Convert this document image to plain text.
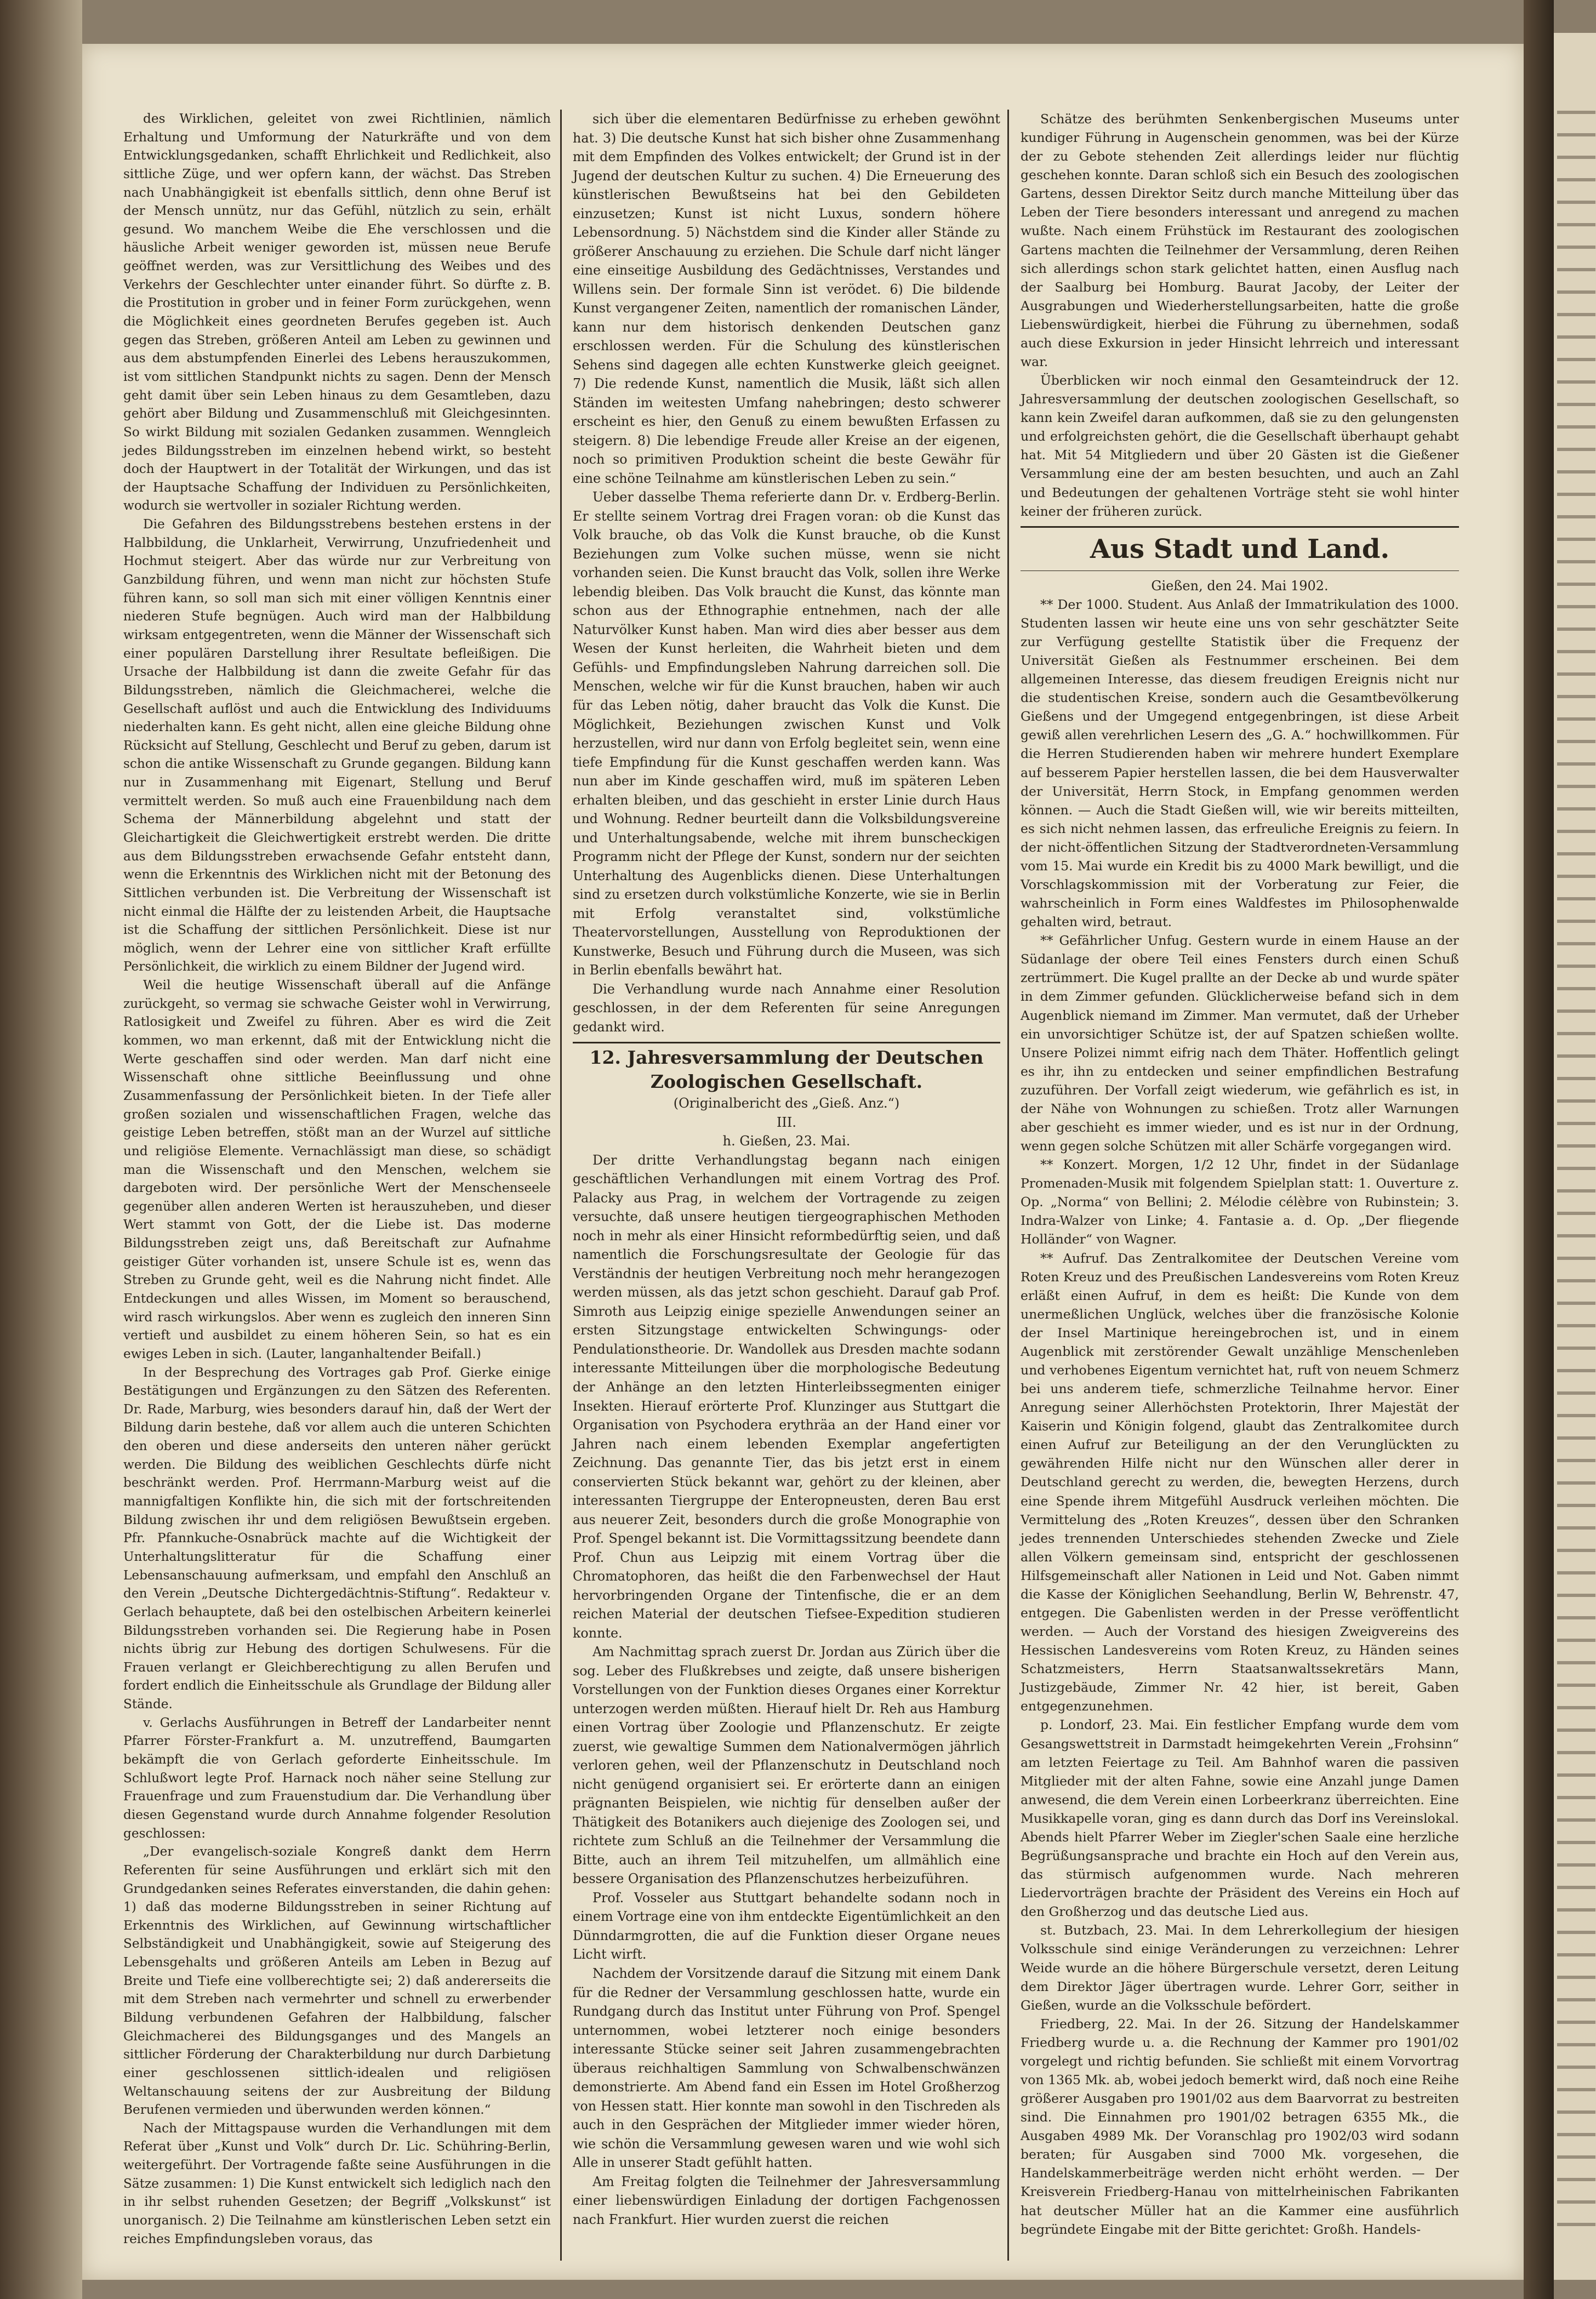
des Wirklichen, geleitet von zwei Richtlinien, nämlich Erhaltung und Umformung der Naturkräfte und von dem Entwicklungsgedanken, schafft Ehrlichkeit und Redlichkeit, also sittliche Züge, und wer opfern kann, der wächst. Das Streben nach Unabhängigkeit ist ebenfalls sittlich, denn ohne Beruf ist der Mensch unnütz, nur das Gefühl, nützlich zu sein, erhält gesund. Wo manchem Weibe die Ehe verschlossen und die häusliche Arbeit weniger geworden ist, müssen neue Berufe geöffnet werden, was zur Versittlichung des Weibes und des Verkehrs der Geschlechter unter einander führt. So dürfte z. B. die Prostitution in grober und in feiner Form zurückgehen, wenn die Möglichkeit eines geordneten Berufes gegeben ist. Auch gegen das Streben, größeren Anteil am Leben zu gewinnen und aus dem abstumpfenden Einerlei des Lebens herauszukommen, ist vom sittlichen Standpunkt nichts zu sagen. Denn der Mensch geht damit über sein Leben hinaus zu dem Gesamtleben, dazu gehört aber Bildung und Zusammenschluß mit Gleichgesinnten. So wirkt Bildung mit sozialen Gedanken zusammen. Wenngleich jedes Bildungsstreben im einzelnen hebend wirkt, so besteht doch der Hauptwert in der Totalität der Wirkungen, und das ist der Hauptsache Schaffung der Individuen zu Persönlichkeiten, wodurch sie wertvoller in sozialer Richtung werden.

Die Gefahren des Bildungsstrebens bestehen erstens in der Halbbildung, die Unklarheit, Verwirrung, Unzufriedenheit und Hochmut steigert. Aber das würde nur zur Verbreitung von Ganzbildung führen, und wenn man nicht zur höchsten Stufe führen kann, so soll man sich mit einer völligen Kenntnis einer niederen Stufe begnügen. Auch wird man der Halbbildung wirksam entgegentreten, wenn die Männer der Wissenschaft sich einer populären Darstellung ihrer Resultate befleißigen. Die Ursache der Halbbildung ist dann die zweite Gefahr für das Bildungsstreben, nämlich die Gleichmacherei, welche die Gesellschaft auflöst und auch die Entwicklung des Individuums niederhalten kann. Es geht nicht, allen eine gleiche Bildung ohne Rücksicht auf Stellung, Geschlecht und Beruf zu geben, darum ist schon die antike Wissenschaft zu Grunde gegangen. Bildung kann nur in Zusammenhang mit Eigenart, Stellung und Beruf vermittelt werden. So muß auch eine Frauenbildung nach dem Schema der Männerbildung abgelehnt und statt der Gleichartigkeit die Gleichwertigkeit erstrebt werden. Die dritte aus dem Bildungsstreben erwachsende Gefahr entsteht dann, wenn die Erkenntnis des Wirklichen nicht mit der Betonung des Sittlichen verbunden ist. Die Verbreitung der Wissenschaft ist nicht einmal die Hälfte der zu leistenden Arbeit, die Hauptsache ist die Schaffung der sittlichen Persönlichkeit. Diese ist nur möglich, wenn der Lehrer eine von sittlicher Kraft erfüllte Persönlichkeit, die wirklich zu einem Bildner der Jugend wird.

Weil die heutige Wissenschaft überall auf die Anfänge zurückgeht, so vermag sie schwache Geister wohl in Verwirrung, Ratlosigkeit und Zweifel zu führen. Aber es wird die Zeit kommen, wo man erkennt, daß mit der Entwicklung nicht die Werte geschaffen sind oder werden. Man darf nicht eine Wissenschaft ohne sittliche Beeinflussung und ohne Zusammenfassung der Persönlichkeit bieten. In der Tiefe aller großen sozialen und wissenschaftlichen Fragen, welche das geistige Leben betreffen, stößt man an der Wurzel auf sittliche und religiöse Elemente. Vernachlässigt man diese, so schädigt man die Wissenschaft und den Menschen, welchem sie dargeboten wird. Der persönliche Wert der Menschenseele gegenüber allen anderen Werten ist herauszuheben, und dieser Wert stammt von Gott, der die Liebe ist. Das moderne Bildungsstreben zeigt uns, daß Bereitschaft zur Aufnahme geistiger Güter vorhanden ist, unsere Schule ist es, wenn das Streben zu Grunde geht, weil es die Nahrung nicht findet. Alle Entdeckungen und alles Wissen, im Moment so berauschend, wird rasch wirkungslos. Aber wenn es zugleich den inneren Sinn vertieft und ausbildet zu einem höheren Sein, so hat es ein ewiges Leben in sich. (Lauter, langanhaltender Beifall.)

In der Besprechung des Vortrages gab Prof. Gierke einige Bestätigungen und Ergänzungen zu den Sätzen des Referenten. Dr. Rade, Marburg, wies besonders darauf hin, daß der Wert der Bildung darin bestehe, daß vor allem auch die unteren Schichten den oberen und diese anderseits den unteren näher gerückt werden. Die Bildung des weiblichen Geschlechts dürfe nicht beschränkt werden. Prof. Herrmann-Marburg weist auf die mannigfaltigen Konflikte hin, die sich mit der fortschreitenden Bildung zwischen ihr und dem religiösen Bewußtsein ergeben. Pfr. Pfannkuche-Osnabrück machte auf die Wichtigkeit der Unterhaltungslitteratur für die Schaffung einer Lebensanschauung aufmerksam, und empfahl den Anschluß an den Verein „Deutsche Dichtergedächtnis-Stiftung“. Redakteur v. Gerlach behauptete, daß bei den ostelbischen Arbeitern keinerlei Bildungsstreben vorhanden sei. Die Regierung habe in Posen nichts übrig zur Hebung des dortigen Schulwesens. Für die Frauen verlangt er Gleichberechtigung zu allen Berufen und fordert endlich die Einheitsschule als Grundlage der Bildung aller Stände.

v. Gerlachs Ausführungen in Betreff der Landarbeiter nennt Pfarrer Förster-Frankfurt a. M. unzutreffend, Baumgarten bekämpft die von Gerlach geforderte Einheitsschule. Im Schlußwort legte Prof. Harnack noch näher seine Stellung zur Frauenfrage und zum Frauenstudium dar. Die Verhandlung über diesen Gegenstand wurde durch Annahme folgender Resolution geschlossen:

„Der evangelisch-soziale Kongreß dankt dem Herrn Referenten für seine Ausführungen und erklärt sich mit den Grundgedanken seines Referates einverstanden, die dahin gehen: 1) daß das moderne Bildungsstreben in seiner Richtung auf Erkenntnis des Wirklichen, auf Gewinnung wirtschaftlicher Selbständigkeit und Unabhängigkeit, sowie auf Steigerung des Lebensgehalts und größeren Anteils am Leben in Bezug auf Breite und Tiefe eine vollberechtigte sei; 2) daß andererseits die mit dem Streben nach vermehrter und schnell zu erwerbender Bildung verbundenen Gefahren der Halbbildung, falscher Gleichmacherei des Bildungsganges und des Mangels an sittlicher Förderung der Charakterbildung nur durch Darbietung einer geschlossenen sittlich-idealen und religiösen Weltanschauung seitens der zur Ausbreitung der Bildung Berufenen vermieden und überwunden werden können.“

Nach der Mittagspause wurden die Verhandlungen mit dem Referat über „Kunst und Volk“ durch Dr. Lic. Schühring-Berlin, weitergeführt. Der Vortragende faßte seine Ausführungen in die Sätze zusammen: 1) Die Kunst entwickelt sich lediglich nach den in ihr selbst ruhenden Gesetzen; der Begriff „Volkskunst“ ist unorganisch. 2) Die Teilnahme am künstlerischen Leben setzt ein reiches Empfindungsleben voraus, das

sich über die elementaren Bedürfnisse zu erheben gewöhnt hat. 3) Die deutsche Kunst hat sich bisher ohne Zusammenhang mit dem Empfinden des Volkes entwickelt; der Grund ist in der Jugend der deutschen Kultur zu suchen. 4) Die Erneuerung des künstlerischen Bewußtseins hat bei den Gebildeten einzusetzen; Kunst ist nicht Luxus, sondern höhere Lebensordnung. 5) Nächstdem sind die Kinder aller Stände zu größerer Anschauung zu erziehen. Die Schule darf nicht länger eine einseitige Ausbildung des Gedächtnisses, Verstandes und Willens sein. Der formale Sinn ist verödet. 6) Die bildende Kunst vergangener Zeiten, namentlich der romanischen Länder, kann nur dem historisch denkenden Deutschen ganz erschlossen werden. Für die Schulung des künstlerischen Sehens sind dagegen alle echten Kunstwerke gleich geeignet. 7) Die redende Kunst, namentlich die Musik, läßt sich allen Ständen im weitesten Umfang nahebringen; desto schwerer erscheint es hier, den Genuß zu einem bewußten Erfassen zu steigern. 8) Die lebendige Freude aller Kreise an der eigenen, noch so primitiven Produktion scheint die beste Gewähr für eine schöne Teilnahme am künstlerischen Leben zu sein.“

Ueber dasselbe Thema referierte dann Dr. v. Erdberg-Berlin. Er stellte seinem Vortrag drei Fragen voran: ob die Kunst das Volk brauche, ob das Volk die Kunst brauche, ob die Kunst Beziehungen zum Volke suchen müsse, wenn sie nicht vorhanden seien. Die Kunst braucht das Volk, sollen ihre Werke lebendig bleiben. Das Volk braucht die Kunst, das könnte man schon aus der Ethnographie entnehmen, nach der alle Naturvölker Kunst haben. Man wird dies aber besser aus dem Wesen der Kunst herleiten, die Wahrheit bieten und dem Gefühls- und Empfindungsleben Nahrung darreichen soll. Die Menschen, welche wir für die Kunst brauchen, haben wir auch für das Leben nötig, daher braucht das Volk die Kunst. Die Möglichkeit, Beziehungen zwischen Kunst und Volk herzustellen, wird nur dann von Erfolg begleitet sein, wenn eine tiefe Empfindung für die Kunst geschaffen werden kann. Was nun aber im Kinde geschaffen wird, muß im späteren Leben erhalten bleiben, und das geschieht in erster Linie durch Haus und Wohnung. Redner beurteilt dann die Volksbildungsvereine und Unterhaltungsabende, welche mit ihrem bunscheckigen Programm nicht der Pflege der Kunst, sondern nur der seichten Unterhaltung des Augenblicks dienen. Diese Unterhaltungen sind zu ersetzen durch volkstümliche Konzerte, wie sie in Berlin mit Erfolg veranstaltet sind, volkstümliche Theatervorstellungen, Ausstellung von Reproduktionen der Kunstwerke, Besuch und Führung durch die Museen, was sich in Berlin ebenfalls bewährt hat.

Die Verhandlung wurde nach Annahme einer Resolution geschlossen, in der dem Referenten für seine Anregungen gedankt wird.

12. Jahresversammlung der Deutschen Zoologischen Gesellschaft.

(Originalbericht des „Gieß. Anz.“)

III.

h. Gießen, 23. Mai.

Der dritte Verhandlungstag begann nach einigen geschäftlichen Verhandlungen mit einem Vortrag des Prof. Palacky aus Prag, in welchem der Vortragende zu zeigen versuchte, daß unsere heutigen tiergeographischen Methoden noch in mehr als einer Hinsicht reformbedürftig seien, und daß namentlich die Forschungsresultate der Geologie für das Verständnis der heutigen Verbreitung noch mehr herangezogen werden müssen, als das jetzt schon geschieht. Darauf gab Prof. Simroth aus Leipzig einige spezielle Anwendungen seiner an ersten Sitzungstage entwickelten Schwingungs- oder Pendulationstheorie. Dr. Wandollek aus Dresden machte sodann interessante Mitteilungen über die morphologische Bedeutung der Anhänge an den letzten Hinterleibssegmenten einiger Insekten. Hierauf erörterte Prof. Klunzinger aus Stuttgart die Organisation von Psychodera erythräa an der Hand einer vor Jahren nach einem lebenden Exemplar angefertigten Zeichnung. Das genannte Tier, das bis jetzt erst in einem conservierten Stück bekannt war, gehört zu der kleinen, aber interessanten Tiergruppe der Enteropneusten, deren Bau erst aus neuerer Zeit, besonders durch die große Monographie von Prof. Spengel bekannt ist. Die Vormittagssitzung beendete dann Prof. Chun aus Leipzig mit einem Vortrag über die Chromatophoren, das heißt die den Farbenwechsel der Haut hervorbringenden Organe der Tintenfische, die er an dem reichen Material der deutschen Tiefsee-Expedition studieren konnte.

Am Nachmittag sprach zuerst Dr. Jordan aus Zürich über die sog. Leber des Flußkrebses und zeigte, daß unsere bisherigen Vorstellungen von der Funktion dieses Organes einer Korrektur unterzogen werden müßten. Hierauf hielt Dr. Reh aus Hamburg einen Vortrag über Zoologie und Pflanzenschutz. Er zeigte zuerst, wie gewaltige Summen dem Nationalvermögen jährlich verloren gehen, weil der Pflanzenschutz in Deutschland noch nicht genügend organisiert sei. Er erörterte dann an einigen prägnanten Beispielen, wie nichtig für denselben außer der Thätigkeit des Botanikers auch diejenige des Zoologen sei, und richtete zum Schluß an die Teilnehmer der Versammlung die Bitte, auch an ihrem Teil mitzuhelfen, um allmählich eine bessere Organisation des Pflanzenschutzes herbeizuführen.

Prof. Vosseler aus Stuttgart behandelte sodann noch in einem Vortrage eine von ihm entdeckte Eigentümlichkeit an den Dünndarmgrotten, die auf die Funktion dieser Organe neues Licht wirft.

Nachdem der Vorsitzende darauf die Sitzung mit einem Dank für die Redner der Versammlung geschlossen hatte, wurde ein Rundgang durch das Institut unter Führung von Prof. Spengel unternommen, wobei letzterer noch einige besonders interessante Stücke seiner seit Jahren zusammengebrachten überaus reichhaltigen Sammlung von Schwalbenschwänzen demonstrierte. Am Abend fand ein Essen im Hotel Großherzog von Hessen statt. Hier konnte man sowohl in den Tischreden als auch in den Gesprächen der Mitglieder immer wieder hören, wie schön die Versammlung gewesen waren und wie wohl sich Alle in unserer Stadt gefühlt hatten.

Am Freitag folgten die Teilnehmer der Jahresversammlung einer liebenswürdigen Einladung der dortigen Fachgenossen nach Frankfurt. Hier wurden zuerst die reichen

Schätze des berühmten Senkenbergischen Museums unter kundiger Führung in Augenschein genommen, was bei der Kürze der zu Gebote stehenden Zeit allerdings leider nur flüchtig geschehen konnte. Daran schloß sich ein Besuch des zoologischen Gartens, dessen Direktor Seitz durch manche Mitteilung über das Leben der Tiere besonders interessant und anregend zu machen wußte. Nach einem Frühstück im Restaurant des zoologischen Gartens machten die Teilnehmer der Versammlung, deren Reihen sich allerdings schon stark gelichtet hatten, einen Ausflug nach der Saalburg bei Homburg. Baurat Jacoby, der Leiter der Ausgrabungen und Wiederherstellungsarbeiten, hatte die große Liebenswürdigkeit, hierbei die Führung zu übernehmen, sodaß auch diese Exkursion in jeder Hinsicht lehrreich und interessant war.

Überblicken wir noch einmal den Gesamteindruck der 12. Jahresversammlung der deutschen zoologischen Gesellschaft, so kann kein Zweifel daran aufkommen, daß sie zu den gelungensten und erfolgreichsten gehört, die die Gesellschaft überhaupt gehabt hat. Mit 54 Mitgliedern und über 20 Gästen ist die Gießener Versammlung eine der am besten besuchten, und auch an Zahl und Bedeutungen der gehaltenen Vorträge steht sie wohl hinter keiner der früheren zurück.

Aus Stadt und Land.

Gießen, den 24. Mai 1902.

** Der 1000. Student. Aus Anlaß der Immatrikulation des 1000. Studenten lassen wir heute eine uns von sehr geschätzter Seite zur Verfügung gestellte Statistik über die Frequenz der Universität Gießen als Festnummer erscheinen. Bei dem allgemeinen Interesse, das diesem freudigen Ereignis nicht nur die studentischen Kreise, sondern auch die Gesamtbevölkerung Gießens und der Umgegend entgegenbringen, ist diese Arbeit gewiß allen verehrlichen Lesern des „G. A.“ hochwillkommen. Für die Herren Studierenden haben wir mehrere hundert Exemplare auf besserem Papier herstellen lassen, die bei dem Hausverwalter der Universität, Herrn Stock, in Empfang genommen werden können. — Auch die Stadt Gießen will, wie wir bereits mitteilten, es sich nicht nehmen lassen, das erfreuliche Ereignis zu feiern. In der nicht-öffentlichen Sitzung der Stadtverordneten-Versammlung vom 15. Mai wurde ein Kredit bis zu 4000 Mark bewilligt, und die Vorschlagskommission mit der Vorberatung zur Feier, die wahrscheinlich in Form eines Waldfestes im Philosophenwalde gehalten wird, betraut.

** Gefährlicher Unfug. Gestern wurde in einem Hause an der Südanlage der obere Teil eines Fensters durch einen Schuß zertrümmert. Die Kugel prallte an der Decke ab und wurde später in dem Zimmer gefunden. Glücklicherweise befand sich in dem Augenblick niemand im Zimmer. Man vermutet, daß der Urheber ein unvorsichtiger Schütze ist, der auf Spatzen schießen wollte. Unsere Polizei nimmt eifrig nach dem Thäter. Hoffentlich gelingt es ihr, ihn zu entdecken und seiner empfindlichen Bestrafung zuzuführen. Der Vorfall zeigt wiederum, wie gefährlich es ist, in der Nähe von Wohnungen zu schießen. Trotz aller Warnungen aber geschieht es immer wieder, und es ist nur in der Ordnung, wenn gegen solche Schützen mit aller Schärfe vorgegangen wird.

** Konzert. Morgen, 1/2 12 Uhr, findet in der Südanlage Promenaden-Musik mit folgendem Spielplan statt: 1. Ouverture z. Op. „Norma“ von Bellini; 2. Mélodie célèbre von Rubinstein; 3. Indra-Walzer von Linke; 4. Fantasie a. d. Op. „Der fliegende Holländer“ von Wagner.

** Aufruf. Das Zentralkomitee der Deutschen Vereine vom Roten Kreuz und des Preußischen Landesvereins vom Roten Kreuz erläßt einen Aufruf, in dem es heißt: Die Kunde von dem unermeßlichen Unglück, welches über die französische Kolonie der Insel Martinique hereingebrochen ist, und in einem Augenblick mit zerstörender Gewalt unzählige Menschenleben und verhobenes Eigentum vernichtet hat, ruft von neuem Schmerz bei uns anderem tiefe, schmerzliche Teilnahme hervor. Einer Anregung seiner Allerhöchsten Protektorin, Ihrer Majestät der Kaiserin und Königin folgend, glaubt das Zentralkomitee durch einen Aufruf zur Beteiligung an der den Verunglückten zu gewährenden Hilfe nicht nur den Wünschen aller derer in Deutschland gerecht zu werden, die, bewegten Herzens, durch eine Spende ihrem Mitgefühl Ausdruck verleihen möchten. Die Vermittelung des „Roten Kreuzes“, dessen über den Schranken jedes trennenden Unterschiedes stehenden Zwecke und Ziele allen Völkern gemeinsam sind, entspricht der geschlossenen Hilfsgemeinschaft aller Nationen in Leid und Not. Gaben nimmt die Kasse der Königlichen Seehandlung, Berlin W, Behrenstr. 47, entgegen. Die Gabenlisten werden in der Presse veröffentlicht werden. — Auch der Vorstand des hiesigen Zweigvereins des Hessischen Landesvereins vom Roten Kreuz, zu Händen seines Schatzmeisters, Herrn Staatsanwaltssekretärs Mann, Justizgebäude, Zimmer Nr. 42 hier, ist bereit, Gaben entgegenzunehmen.

p. Londorf, 23. Mai. Ein festlicher Empfang wurde dem vom Gesangswettstreit in Darmstadt heimgekehrten Verein „Frohsinn“ am letzten Feiertage zu Teil. Am Bahnhof waren die passiven Mitglieder mit der alten Fahne, sowie eine Anzahl junge Damen anwesend, die dem Verein einen Lorbeerkranz überreichten. Eine Musikkapelle voran, ging es dann durch das Dorf ins Vereinslokal. Abends hielt Pfarrer Weber im Ziegler'schen Saale eine herzliche Begrüßungsansprache und brachte ein Hoch auf den Verein aus, das stürmisch aufgenommen wurde. Nach mehreren Liedervorträgen brachte der Präsident des Vereins ein Hoch auf den Großherzog und das deutsche Lied aus.

st. Butzbach, 23. Mai. In dem Lehrerkollegium der hiesigen Volksschule sind einige Veränderungen zu verzeichnen: Lehrer Weide wurde an die höhere Bürgerschule versetzt, deren Leitung dem Direktor Jäger übertragen wurde. Lehrer Gorr, seither in Gießen, wurde an die Volksschule befördert.

Friedberg, 22. Mai. In der 26. Sitzung der Handelskammer Friedberg wurde u. a. die Rechnung der Kammer pro 1901/02 vorgelegt und richtig befunden. Sie schließt mit einem Vorvortrag von 1365 Mk. ab, wobei jedoch bemerkt wird, daß noch eine Reihe größerer Ausgaben pro 1901/02 aus dem Baarvorrat zu bestreiten sind. Die Einnahmen pro 1901/02 betragen 6355 Mk., die Ausgaben 4989 Mk. Der Voranschlag pro 1902/03 wird sodann beraten; für Ausgaben sind 7000 Mk. vorgesehen, die Handelskammerbeiträge werden nicht erhöht werden. — Der Kreisverein Friedberg-Hanau von mittelrheinischen Fabrikanten hat deutscher Müller hat an die Kammer eine ausführlich begründete Eingabe mit der Bitte gerichtet: Großh. Handels-
